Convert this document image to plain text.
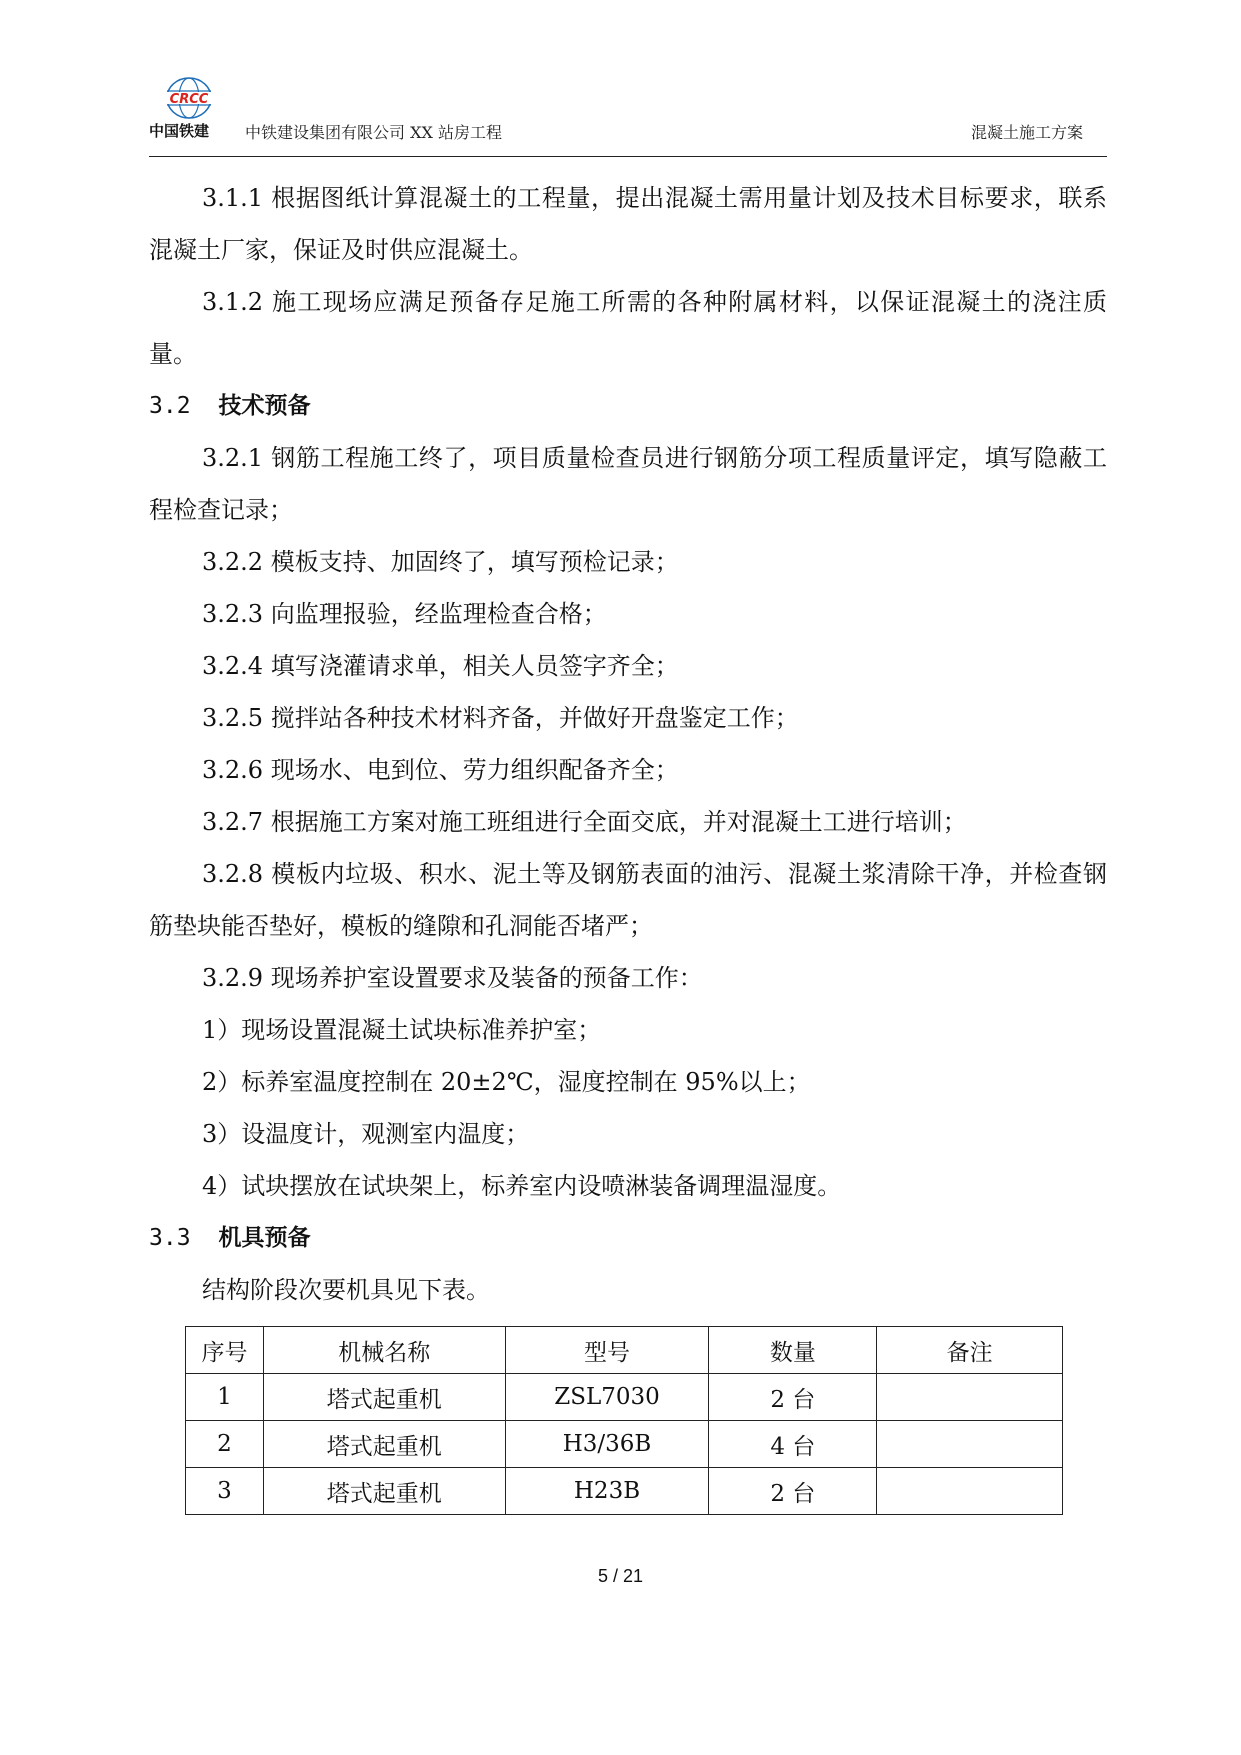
CRCC
中国铁建 中铁建设集团有限公司 XX 站房工程	混凝土施工方案

3.1.1 根据图纸计算混凝土的工程量，提出混凝土需用量计划及技术目标要求，联系混凝土厂家，保证及时供应混凝土。

3.1.2 施工现场应满足预备存足施工所需的各种附属材料，以保证混凝土的浇注质量。

3.2 技术预备

3.2.1 钢筋工程施工终了，项目质量检查员进行钢筋分项工程质量评定，填写隐蔽工程检查记录；

3.2.2 模板支持、加固终了，填写预检记录；

3.2.3 向监理报验，经监理检查合格；

3.2.4 填写浇灌请求单，相关人员签字齐全；

3.2.5 搅拌站各种技术材料齐备，并做好开盘鉴定工作；

3.2.6 现场水、电到位、劳力组织配备齐全；

3.2.7 根据施工方案对施工班组进行全面交底，并对混凝土工进行培训；

3.2.8 模板内垃圾、积水、泥土等及钢筋表面的油污、混凝土浆清除干净，并检查钢筋垫块能否垫好，模板的缝隙和孔洞能否堵严；

3.2.9 现场养护室设置要求及装备的预备工作：

1）现场设置混凝土试块标准养护室；

2）标养室温度控制在 20±2℃，湿度控制在 95%以上；

3）设温度计，观测室内温度；

4）试块摆放在试块架上，标养室内设喷淋装备调理温湿度。

3.3 机具预备

结构阶段次要机具见下表。

序号	机械名称	型号	数量	备注
1	塔式起重机	ZSL7030	2 台	
2	塔式起重机	H3/36B	4 台	
3	塔式起重机	H23B	2 台	
5 / 21
